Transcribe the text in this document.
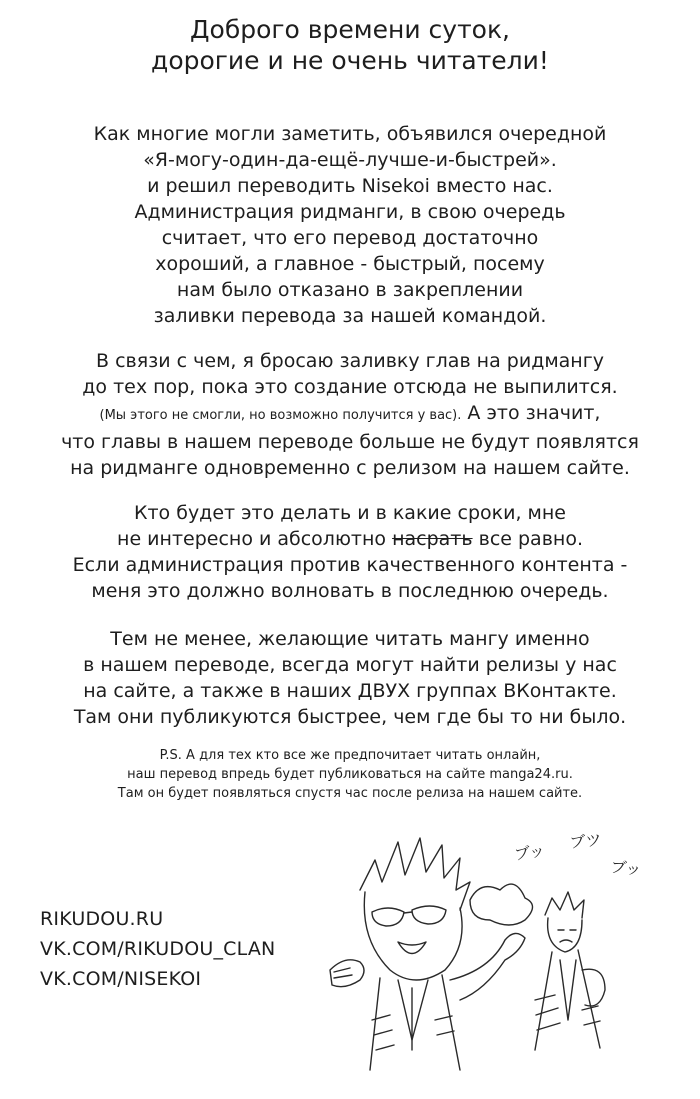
Доброго времени суток,
дорогие и не очень читатели!
Как многие могли заметить, объявился очередной
«Я-могу-один-да-ещё-лучше-и-быстрей».
и решил переводить Nisekoi вместо нас.
Администрация ридманги, в свою очередь
считает, что его перевод достаточно
хороший, а главное - быстрый, посему
нам было отказано в закреплении
заливки перевода за нашей командой.
В связи с чем, я бросаю заливку глав на ридмангу
до тех пор, пока это создание отсюда не выпилится.
(Мы этого не смогли, но возможно получится у вас). А это значит,
что главы в нашем переводе больше не будут появлятся
на ридманге одновременно с релизом на нашем сайте.
Кто будет это делать и в какие сроки, мне
не интересно и абсолютно насрать все равно.
Если администрация против качественного контента -
меня это должно волновать в последнюю очередь.
Тем не менее, желающие читать мангу именно
в нашем переводе, всегда могут найти релизы у нас
на сайте, а также в наших ДВУХ группах ВКонтакте.
Там они публикуются быстрее, чем где бы то ни было.
P.S. А для тех кто все же предпочитает читать онлайн,
наш перевод впредь будет публиковаться на сайте manga24.ru.
Там он будет появляться спустя час после релиза на нашем сайте.
RIKUDOU.RU
VK.COM/RIKUDOU_CLAN
VK.COM/NISEKOI
ブッ ブツ
ブッ
